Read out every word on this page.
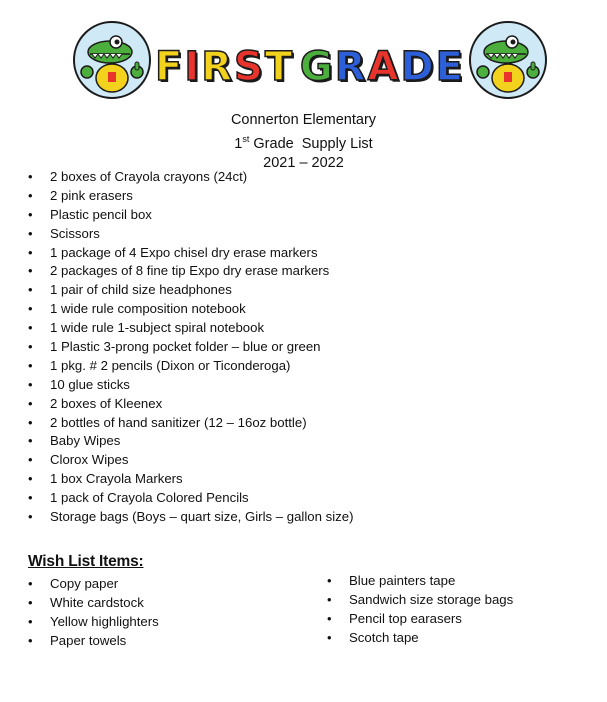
F I R S T G R A D E
Connerton Elementary
1st Grade  Supply List
2021 – 2022
• 2 boxes of Crayola crayons (24ct)
• 2 pink erasers
• Plastic pencil box
• Scissors
• 1 package of 4 Expo chisel dry erase markers
• 2 packages of 8 fine tip Expo dry erase markers
• 1 pair of child size headphones
• 1 wide rule composition notebook
• 1 wide rule 1-subject spiral notebook
• 1 Plastic 3-prong pocket folder – blue or green
• 1 pkg. # 2 pencils (Dixon or Ticonderoga)
• 10 glue sticks
• 2 boxes of Kleenex
• 2 bottles of hand sanitizer (12 – 16oz bottle)
• Baby Wipes
• Clorox Wipes
• 1 box Crayola Markers
• 1 pack of Crayola Colored Pencils
• Storage bags (Boys – quart size, Girls – gallon size)
Wish List Items:
• Copy paper
• White cardstock
• Yellow highlighters
• Paper towels
• Blue painters tape
• Sandwich size storage bags
• Pencil top earasers
• Scotch tape
